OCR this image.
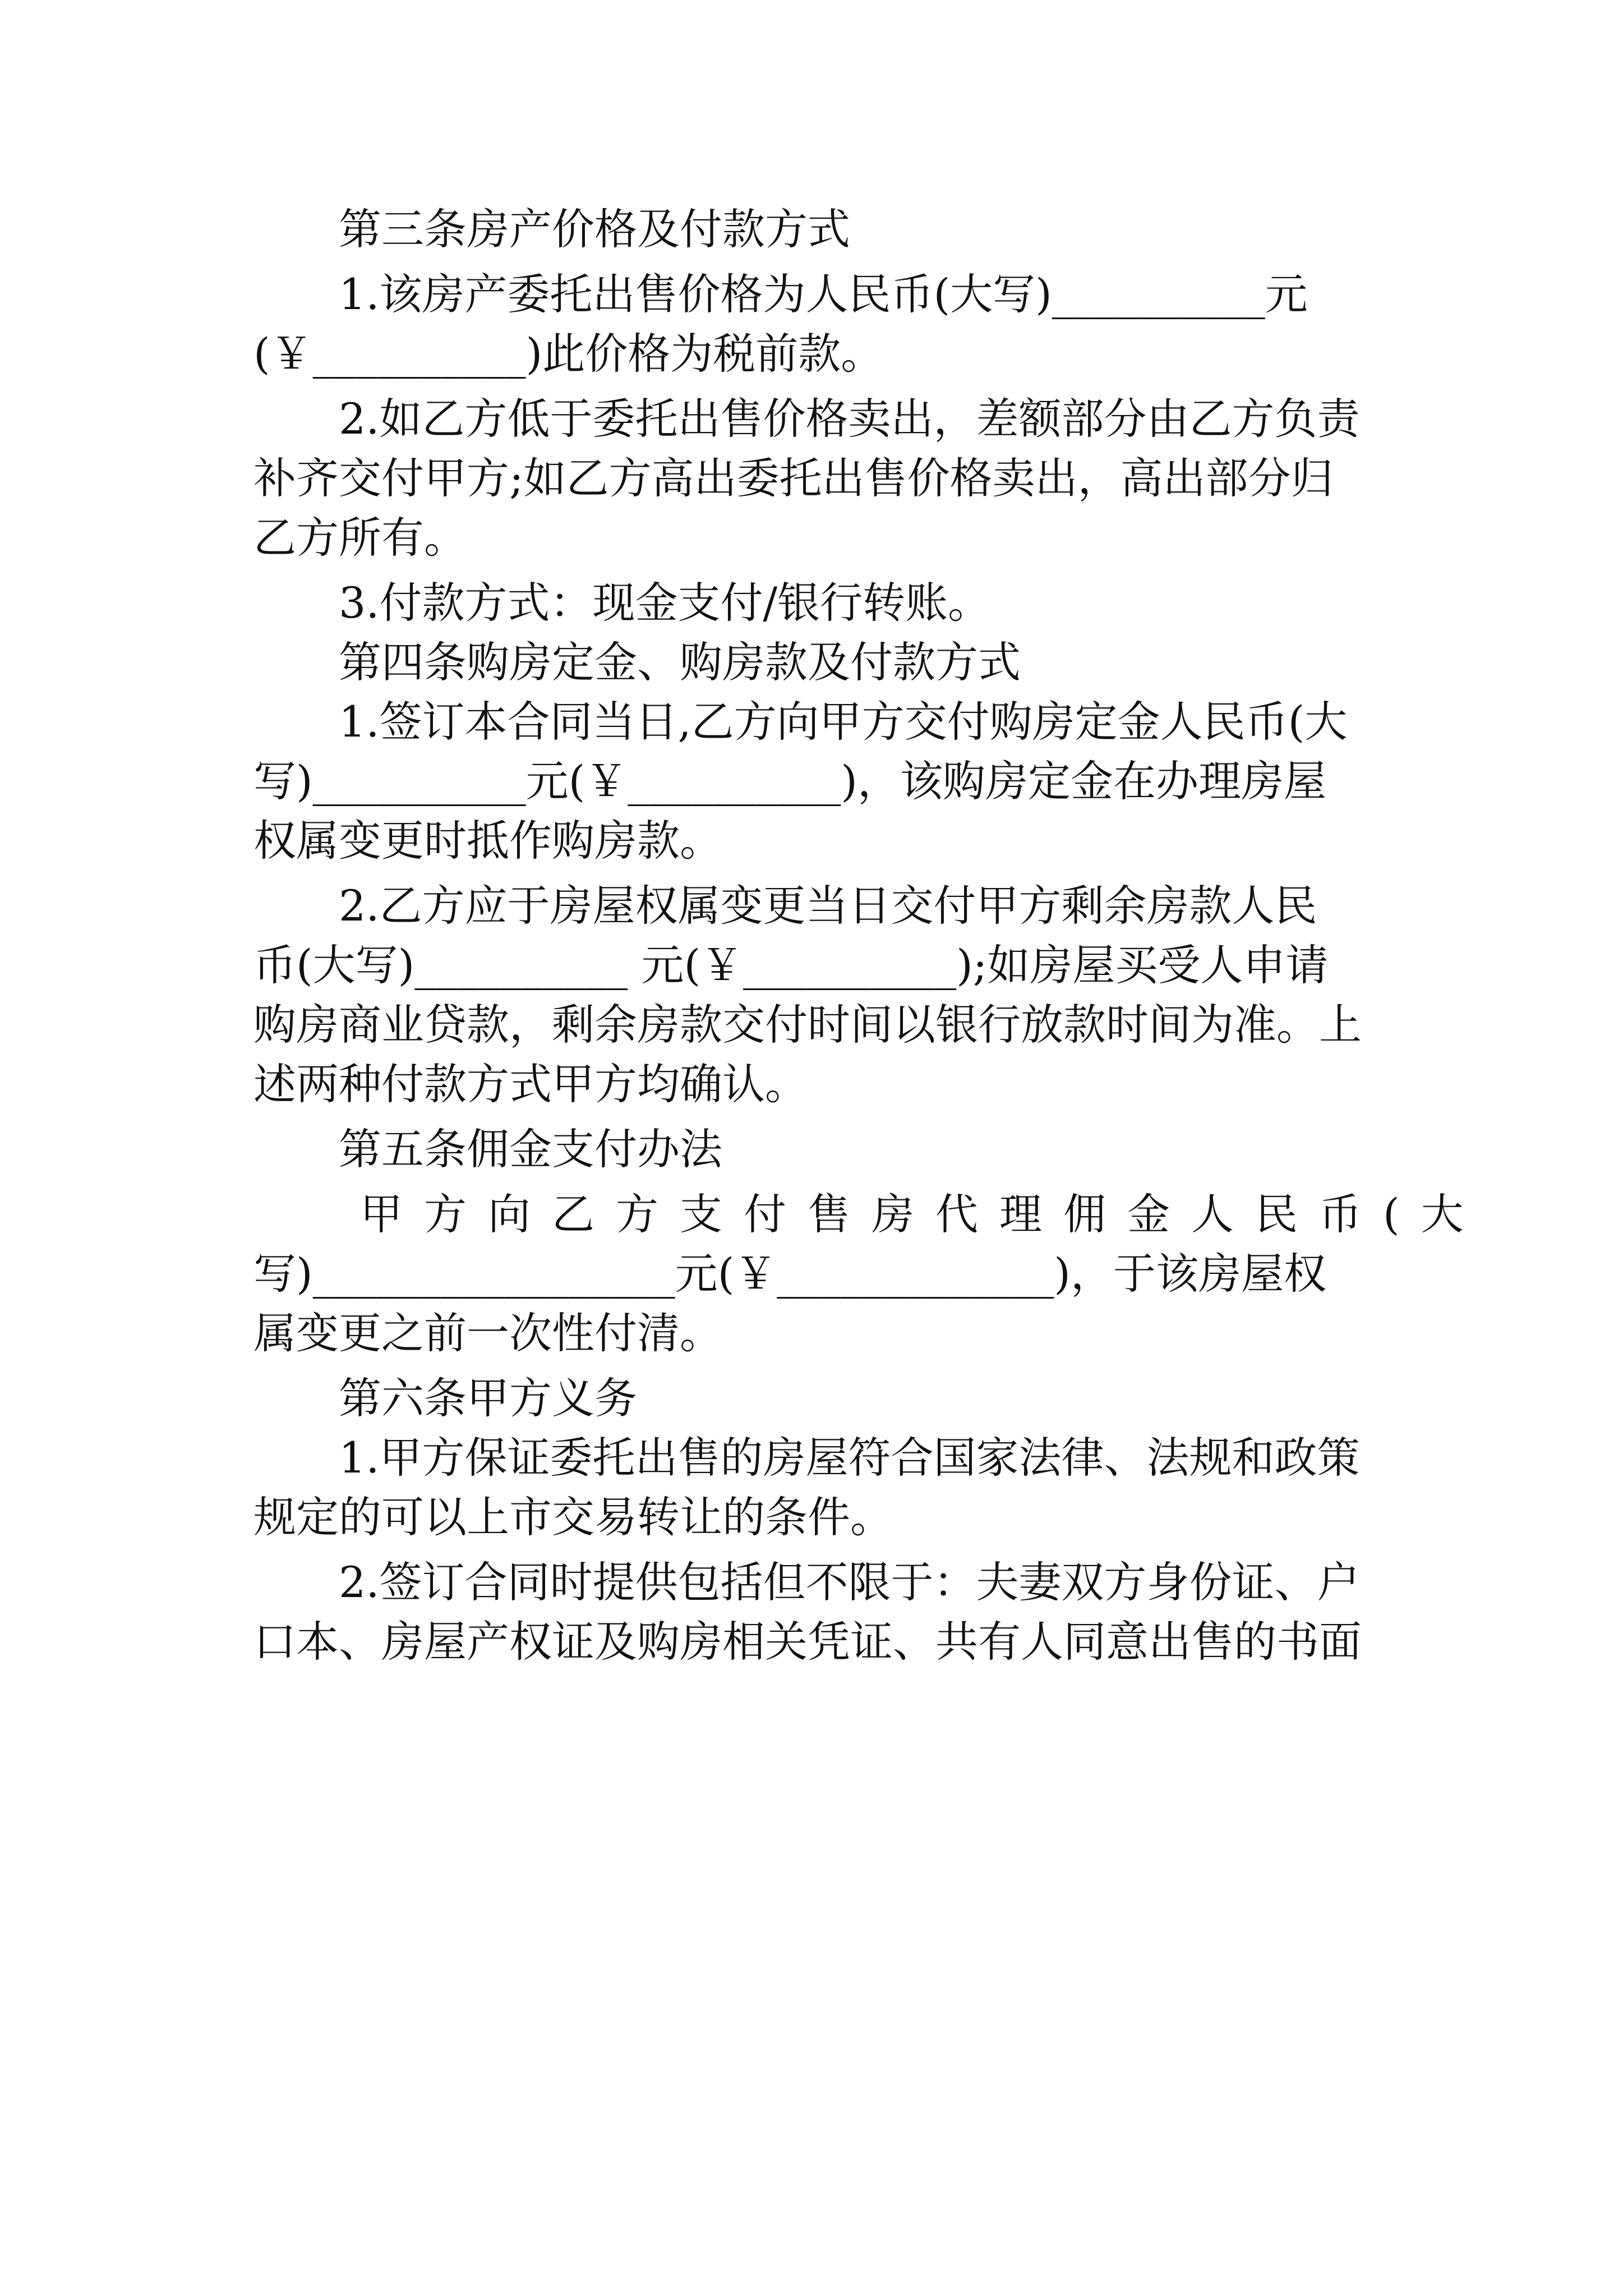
第三条房产价格及付款方式
1.该房产委托出售价格为人民币(大写)__________元
(￥__________)此价格为税前款。
2.如乙方低于委托出售价格卖出，差额部分由乙方负责
补齐交付甲方;如乙方高出委托出售价格卖出，高出部分归
乙方所有。
3.付款方式：现金支付/银行转账。
第四条购房定金、购房款及付款方式
1.签订本合同当日,乙方向甲方交付购房定金人民币(大
写)__________元(￥__________)，该购房定金在办理房屋
权属变更时抵作购房款。
2.乙方应于房屋权属变更当日交付甲方剩余房款人民
币(大写)__________ 元(￥__________);如房屋买受人申请
购房商业贷款，剩余房款交付时间以银行放款时间为准。上
述两种付款方式甲方均确认。
第五条佣金支付办法
甲方向乙方支付售房代理佣金人民币(大
写)_________________元(￥_____________)，于该房屋权
属变更之前一次性付清。
第六条甲方义务
1.甲方保证委托出售的房屋符合国家法律、法规和政策
规定的可以上市交易转让的条件。
2.签订合同时提供包括但不限于：夫妻双方身份证、户
口本、房屋产权证及购房相关凭证、共有人同意出售的书面
